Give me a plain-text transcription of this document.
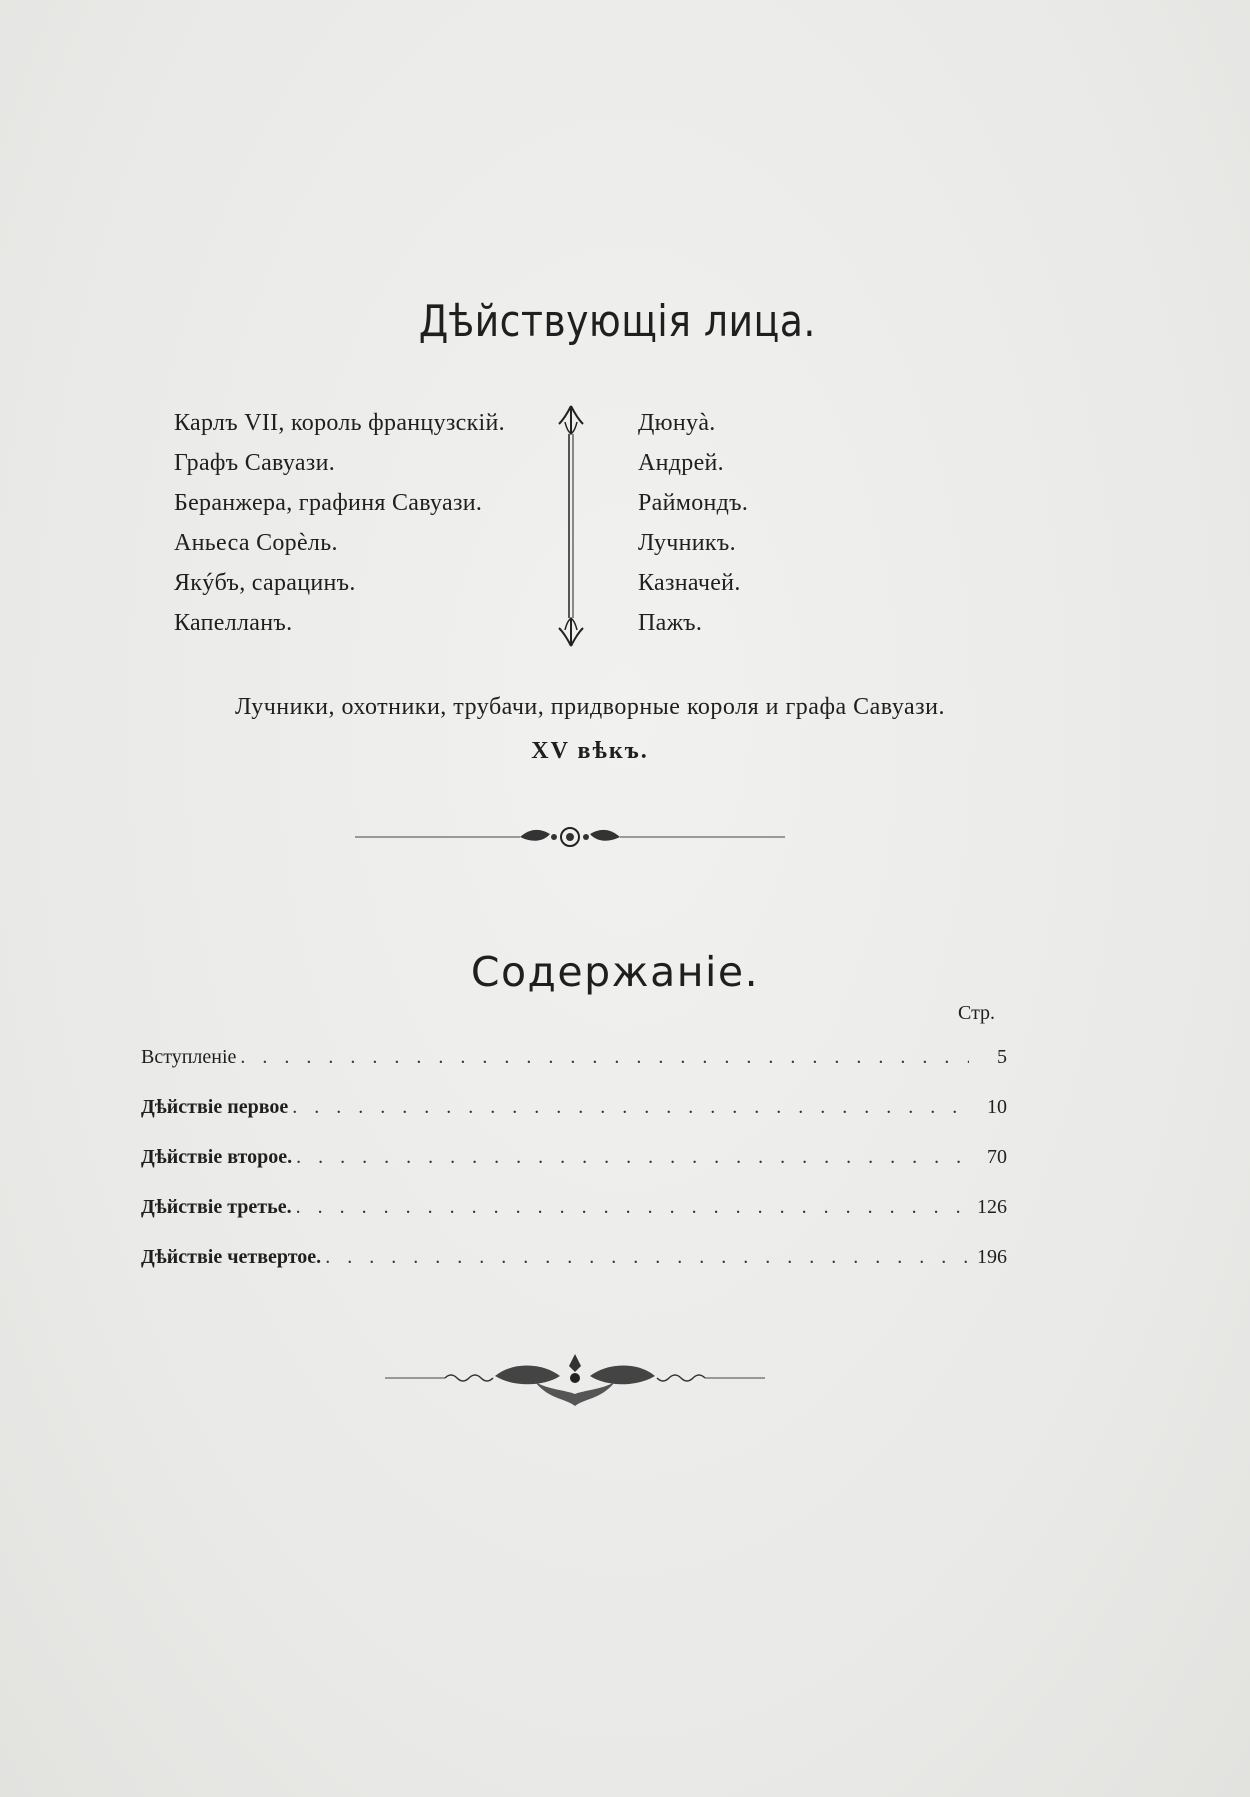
Дѣйствующія лица.
Карлъ VII, король французскій.
Графъ Савуази.
Беранжера, графиня Савуази.
Аньеса Сорѐль.
Якýбъ, сарацинъ.
Капелланъ.
Дюнуà.
Андрей.
Раймондъ.
Лучникъ.
Казначей.
Пажъ.
Лучники, охотники, трубачи, придворные короля и графа Савуази.
XV вѣкъ.
Содержаніе.
Стр.
Вступленіе . . .	5
Дѣйствіе первое . . .	10
Дѣйствіе второе. . . .	70
Дѣйствіе третье. . . .	126
Дѣйствіе четвертое. . . .	196
